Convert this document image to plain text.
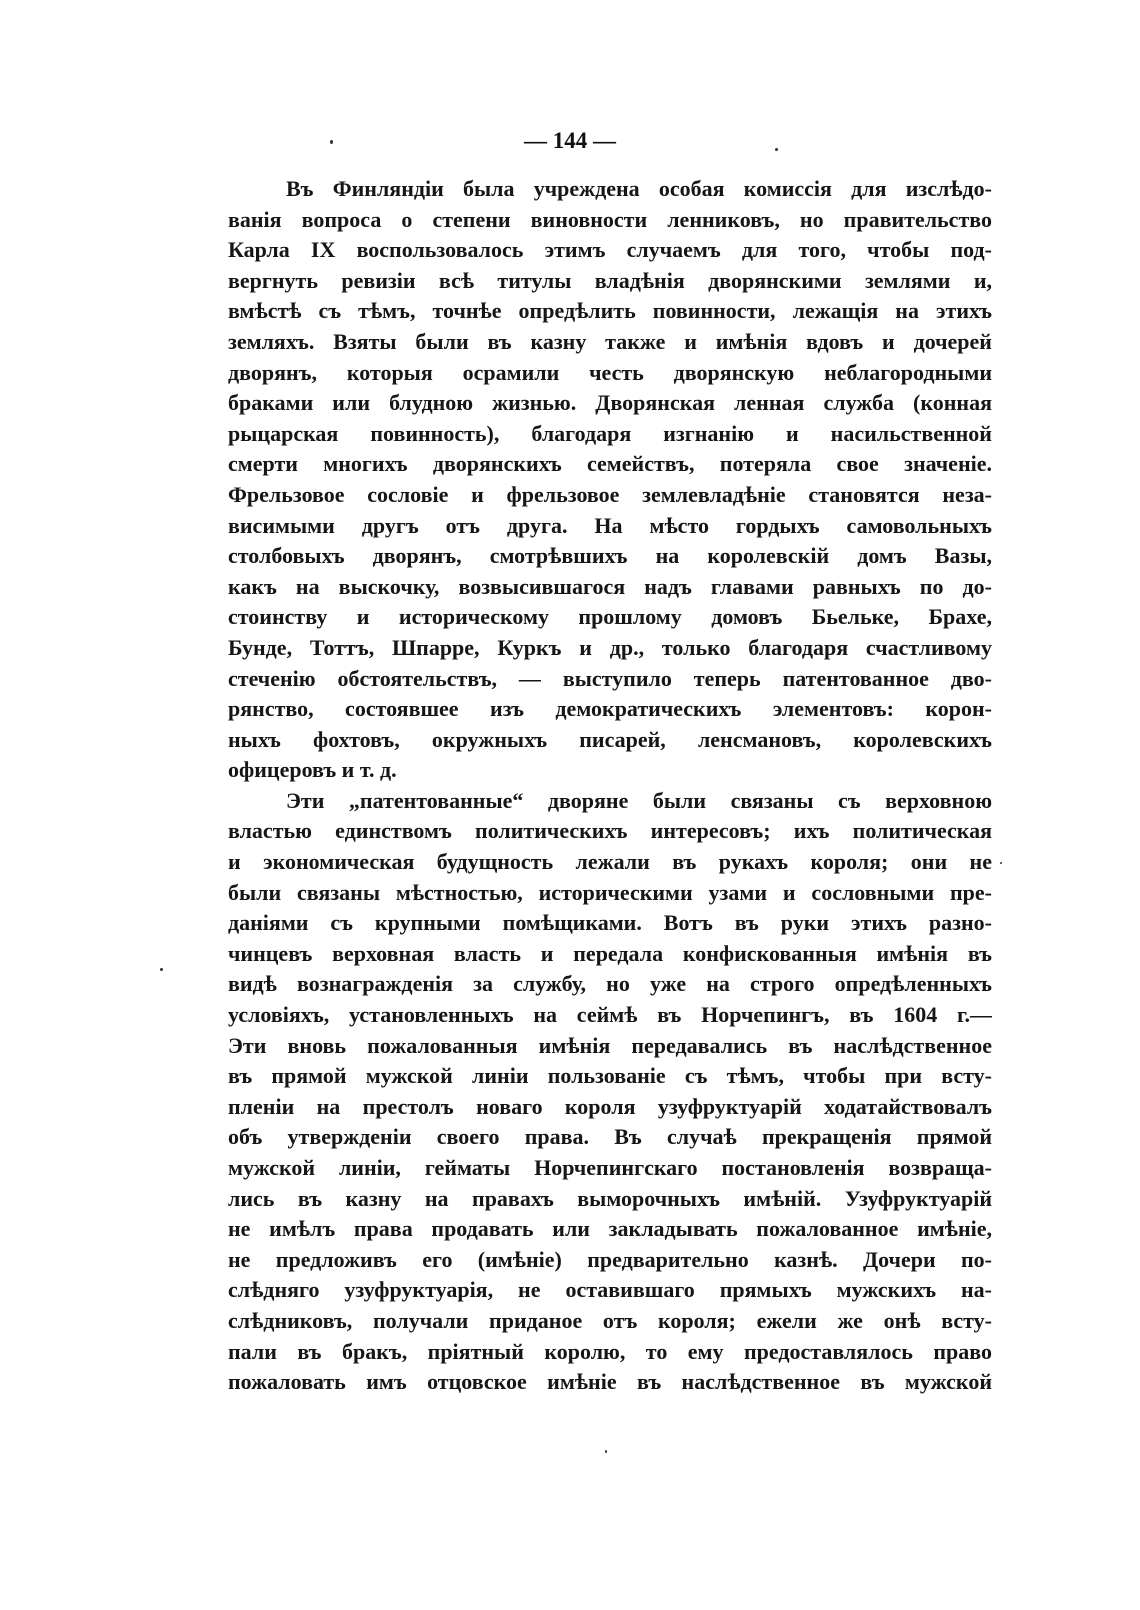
— 144 —
Въ Финляндiи была учреждена особая комиссiя для изслѣдо-
ванiя вопроса о степени виновности ленниковъ, но правительство
Карла IX воспользовалось этимъ случаемъ для того, чтобы под-
вергнуть ревизiи всѣ титулы владѣнiя дворянскими землями и,
вмѣстѣ съ тѣмъ, точнѣе опредѣлить повинности, лежащiя на этихъ
земляхъ. Взяты были въ казну также и имѣнiя вдовъ и дочерей
дворянъ, которыя осрамили честь дворянскую неблагородными
браками или блудною жизнью. Дворянская ленная служба (конная
рыцарская повинность), благодаря изгнанiю и насильственной
смерти многихъ дворянскихъ семействъ, потеряла свое значенiе.
Фрельзовое сословiе и фрельзовое землевладѣнiе становятся неза-
висимыми другъ отъ друга. На мѣсто гордыхъ самовольныхъ
столбовыхъ дворянъ, смотрѣвшихъ на королевскiй домъ Вазы,
какъ на выскочку, возвысившагося надъ главами равныхъ по до-
стоинству и историческому прошлому домовъ Бьельке, Брахе,
Бунде, Тоттъ, Шпарре, Куркъ и др., только благодаря счастливому
стеченiю обстоятельствъ, — выступило теперь патентованное дво-
рянство, состоявшее изъ демократическихъ элементовъ: корон-
ныхъ фохтовъ, окружныхъ писарей, ленсмановъ, королевскихъ
офицеровъ и т. д.
Эти „патентованные“ дворяне были связаны съ верховною
властью единствомъ политическихъ интересовъ; ихъ политическая
и экономическая будущность лежали въ рукахъ короля; они не
были связаны мѣстностью, историческими узами и сословными пре-
данiями съ крупными помѣщиками. Вотъ въ руки этихъ разно-
чинцевъ верховная власть и передала конфискованныя имѣнiя въ
видѣ вознагражденiя за службу, но уже на строго опредѣленныхъ
условiяхъ, установленныхъ на сеймѣ въ Норчепингъ, въ 1604 г.—
Эти вновь пожалованныя имѣнiя передавались въ наслѣдственное
въ прямой мужской линiи пользованiе съ тѣмъ, чтобы при всту-
пленiи на престолъ новаго короля узуфруктуарiй ходатайствовалъ
объ утвержденiи своего права. Въ случаѣ прекращенiя прямой
мужской линiи, гейматы Норчепингскаго постановленiя возвраща-
лись въ казну на правахъ выморочныхъ имѣнiй. Узуфруктуарiй
не имѣлъ права продавать или закладывать пожалованное имѣнiе,
не предложивъ его (имѣнiе) предварительно казнѣ. Дочери по-
слѣдняго узуфруктуарiя, не оставившаго прямыхъ мужскихъ на-
слѣдниковъ, получали приданое отъ короля; ежели же онѣ всту-
пали въ бракъ, прiятный королю, то ему предоставлялось право
пожаловать имъ отцовское имѣнiе въ наслѣдственное въ мужской
